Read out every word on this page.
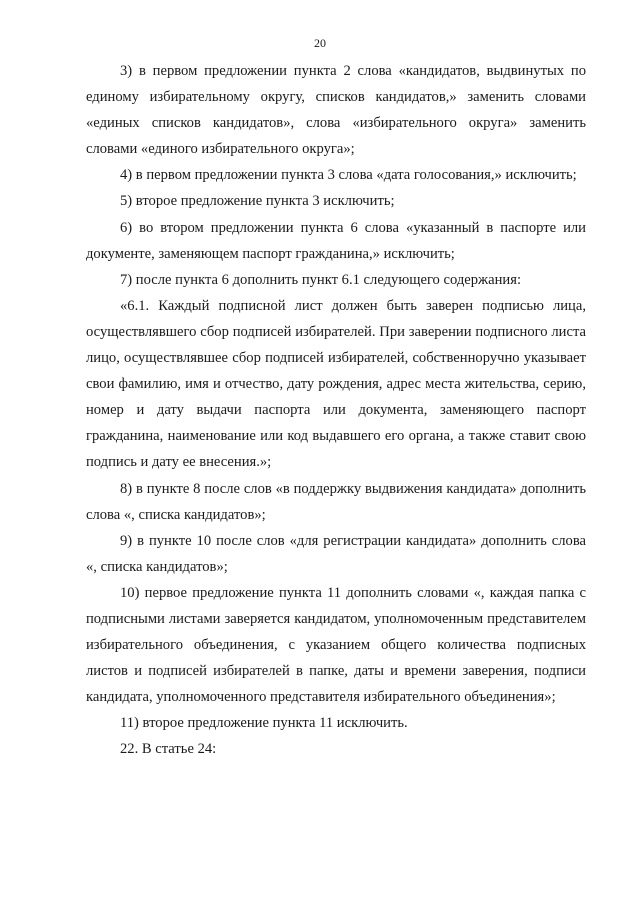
20

3) в первом предложении пункта 2 слова «кандидатов, выдвинутых по единому избирательному округу, списков кандидатов,» заменить словами «единых списков кандидатов», слова «избирательного округа» заменить словами «единого избирательного округа»;

4) в первом предложении пункта 3 слова «дата голосования,» исключить;

5) второе предложение пункта 3 исключить;

6) во втором предложении пункта 6 слова «указанный в паспорте или документе, заменяющем паспорт гражданина,» исключить;

7) после пункта 6 дополнить пункт 6.1 следующего содержания:

«6.1. Каждый подписной лист должен быть заверен подписью лица, осуществлявшего сбор подписей избирателей. При заверении подписного листа лицо, осуществлявшее сбор подписей избирателей, собственноручно указывает свои фамилию, имя и отчество, дату рождения, адрес места жительства, серию, номер и дату выдачи паспорта или документа, заменяющего паспорт гражданина, наименование или код выдавшего его органа, а также ставит свою подпись и дату ее внесения.»;

8) в пункте 8 после слов «в поддержку выдвижения кандидата» дополнить слова «, списка кандидатов»;

9) в пункте 10 после слов «для регистрации кандидата» дополнить слова «, списка кандидатов»;

10) первое предложение пункта 11 дополнить словами «, каждая папка с подписными листами заверяется кандидатом, уполномоченным представителем избирательного объединения, с указанием общего количества подписных листов и подписей избирателей в папке, даты и времени заверения, подписи кандидата, уполномоченного представителя избирательного объединения»;

11) второе предложение пункта 11 исключить.

22. В статье 24:
